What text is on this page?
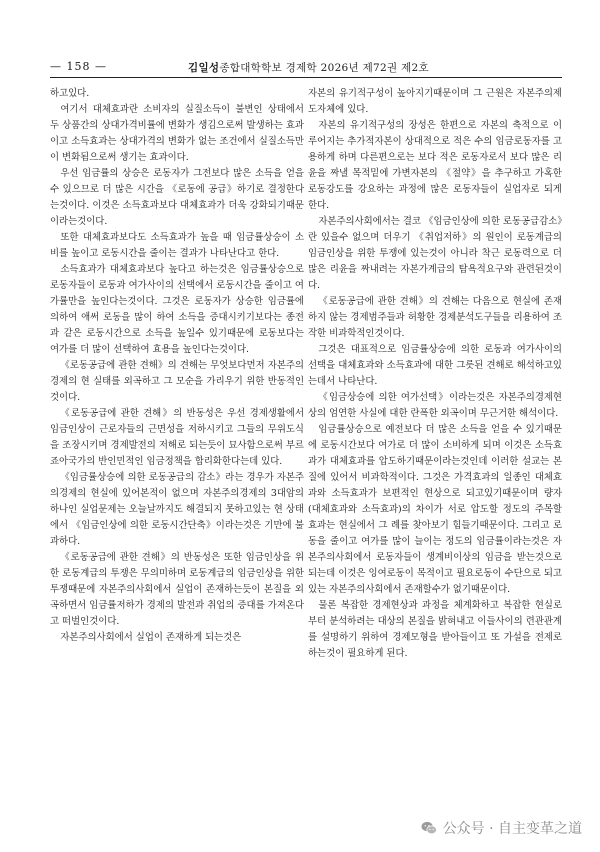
— 158 —	김일성종합대학학보 경제학 2026년 제72권 제2호

하고있다.

여기서 대체효과란 소비자의 실질소득이 불변인 상태에서 두 상품간의 상대가격비률에 변화가 생김으로써 발생하는 효과이고 소득효과는 상대가격의 변화가 없는 조건에서 실질소득만이 변화됨으로써 생기는 효과이다.

우선 임금률의 상승은 로동자가 그전보다 많은 소득을 얻을수 있으므로 더 많은 시간을 《로동에 공급》하기로 결정한다는것이다. 이것은 소득효과보다 대체효과가 더욱 강화되기때문이라는것이다.

또한 대체효과보다도 소득효과가 높을 때 임금률상승이 소비를 높이고 로동시간을 줄이는 결과가 나타난다고 한다.

소득효과가 대체효과보다 높다고 하는것은 임금률상승으로 로동자들이 로동과 여가사이의 선택에서 로동시간을 줄이고 여가률만을 높인다는것이다. 그것은 로동자가 상승한 임금률에 의하여 애써 로동을 많이 하여 소득을 증대시키기보다는 종전과 같은 로동시간으로 소득을 높일수 있기때문에 로동보다는 여가를 더 많이 선택하여 효용을 높인다는것이다.

《로동공급에 관한 견해》의 견해는 무엇보다먼저 자본주의경제의 현 실태를 외곡하고 그 모순을 가리우기 위한 반동적인것이다.

《로동공급에 관한 견해》의 반동성은 우선 경제생활에서 임금인상이 근로자들의 근면성을 저하시키고 그들의 무위도식을 조장시키며 경제발전의 저해로 되는듯이 묘사함으로써 부르죠아국가의 반인민적인 임금정책을 합리화한다는데 있다.

《임금률상승에 의한 로동공급의 감소》라는 경우가 자본주의경제의 현실에 있어본적이 없으며 자본주의경제의 3대암의 하나인 실업문제는 오늘날까지도 해결되지 못하고있는 현 상태에서 《임금인상에 의한 로동시간단축》이라는것은 기만에 불과하다.

《로동공급에 관한 견해》의 반동성은 또한 임금인상을 위한 로동계급의 투쟁은 무의미하며 로동계급의 임금인상을 위한 투쟁때문에 자본주의사회에서 실업이 존재하는듯이 본질을 외곡하면서 임금률저하가 경제의 발전과 취업의 증대를 가져온다고 떠벌인것이다.

자본주의사회에서 실업이 존재하게 되는것은

자본의 유기적구성이 높아지기때문이며 그 근원은 자본주의제도자체에 있다.

자본의 유기적구성의 장성은 한편으로 자본의 축적으로 이루어지는 추가적자본이 상대적으로 적은 수의 임금로동자를 고용하게 하며 다른편으로는 보다 적은 로동자로서 보다 많은 리윤을 짜낼 목적밑에 가변자본의 《절약》을 추구하고 가혹한 로동강도를 강요하는 과정에 많은 로동자들이 실업자로 되게 한다.

자본주의사회에서는 결코 《임금인상에 의한 로동공급감소》란 있을수 없으며 더우기 《취업저하》의 원인이 로동계급의 임금인상을 위한 투쟁에 있는것이 아니라 착근 로동력으로 더 많은 리윤을 짜내려는 자본가계급의 탐욕적요구와 관련된것이다.

《로동공급에 관한 견해》의 견해는 다음으로 현실에 존재하지 않는 경제범주들과 허황한 경제분석도구들을 리용하여 조작한 비과학적인것이다.

그것은 대표적으로 임금률상승에 의한 로동과 여가사이의 선택을 대체효과와 소득효과에 대한 그릇된 견해로 해석하고있는데서 나타난다.

《임금상승에 의한 여가선택》이라는것은 자본주의경제현상의 엄연한 사실에 대한 란폭한 외곡이며 무근거한 해석이다.

임금률상승으로 예전보다 더 많은 소득을 얻을 수 있기때문에 로동시간보다 여가로 더 많이 소비하게 되며 이것은 소득효과가 대체효과를 압도하기때문이라는것인데 이러한 설교는 본질에 있어서 비과학적이다. 그것은 가격효과의 일종인 대체효과와 소득효과가 보편적인 현상으로 되고있기때문이며 량자(대체효과와 소득효과)의 차이가 서로 압도할 정도의 주목할 효과는 현실에서 그 례를 찾아보기 힘들기때문이다. 그리고 로동을 줄이고 여가를 많이 늘이는 정도의 임금률이라는것은 자본주의사회에서 로동자들이 생계비이상의 임금을 받는것으로 되는데 이것은 잉여로동이 목적이고 필요로동이 수단으로 되고있는 자본주의사회에서 존재할수가 없기때문이다.

물론 복잡한 경제현상과 과정을 체계화하고 복잡한 현실로부터 분석하려는 대상의 본질을 밝혀내고 이들사이의 련관관계를 설명하기 위하여 경제모형을 받아들이고 또 가설을 전제로 하는것이 필요하게 된다.

公众号 · 自主变革之道
